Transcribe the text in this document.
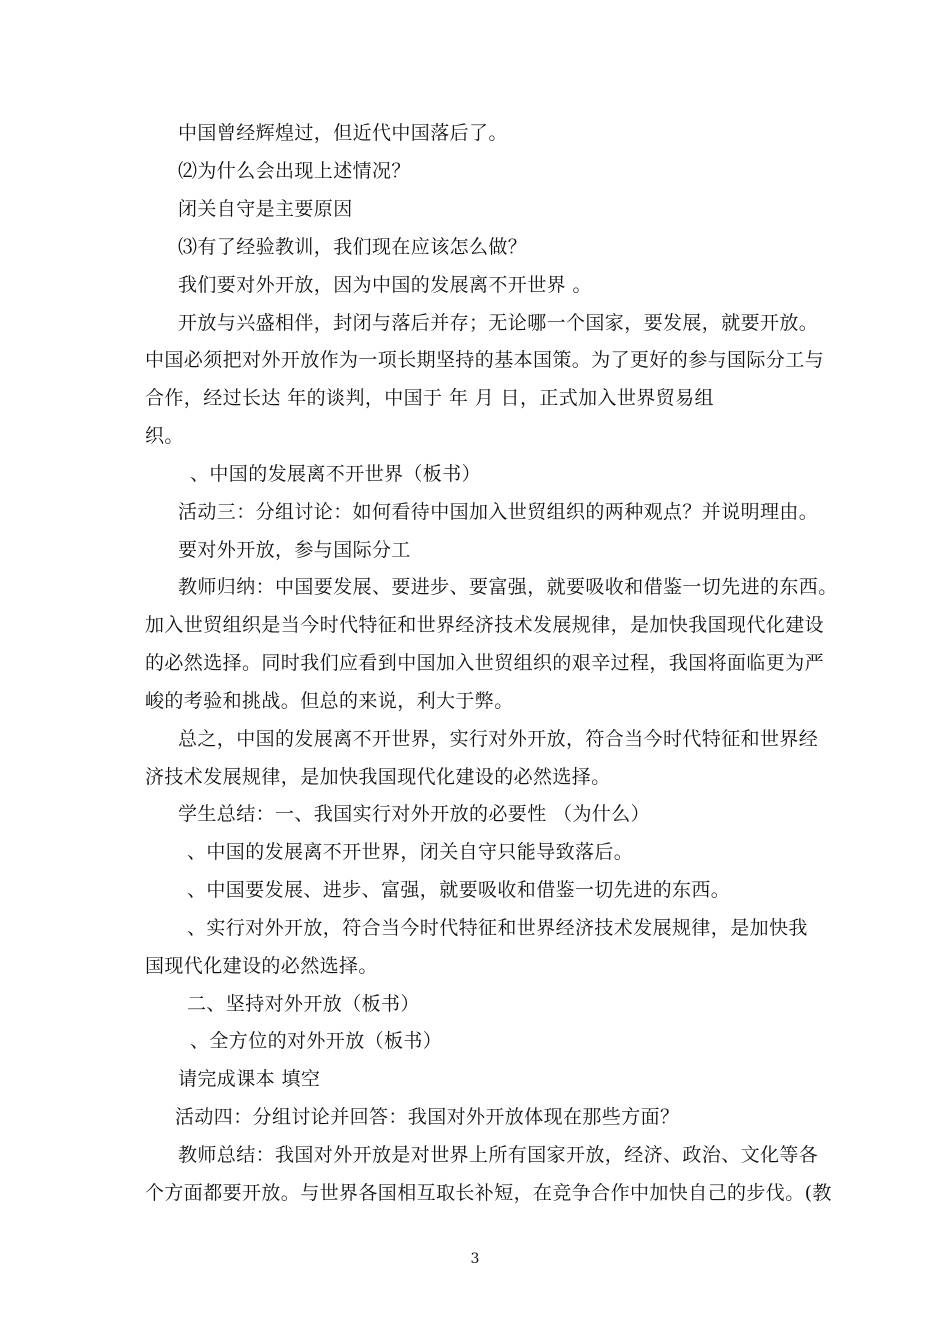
中国曾经辉煌过，但近代中国落后了。
⑵为什么会出现上述情况？
闭关自守是主要原因
⑶有了经验教训，我们现在应该怎么做？
我们要对外开放，因为中国的发展离不开世界 。
开放与兴盛相伴，封闭与落后并存；无论哪一个国家，要发展，就要开放。
中国必须把对外开放作为一项长期坚持的基本国策。为了更好的参与国际分工与
合作，经过长达 年的谈判，中国于 年 月 日，正式加入世界贸易组
织。
、中国的发展离不开世界（板书）
活动三：分组讨论：如何看待中国加入世贸组织的两种观点？并说明理由。
要对外开放，参与国际分工
教师归纳：中国要发展、要进步、要富强，就要吸收和借鉴一切先进的东西。
加入世贸组织是当今时代特征和世界经济技术发展规律，是加快我国现代化建设
的必然选择。同时我们应看到中国加入世贸组织的艰辛过程，我国将面临更为严
峻的考验和挑战。但总的来说，利大于弊。
总之，中国的发展离不开世界，实行对外开放，符合当今时代特征和世界经
济技术发展规律，是加快我国现代化建设的必然选择。
学生总结：一、我国实行对外开放的必要性 （为什么）
、中国的发展离不开世界，闭关自守只能导致落后。
、中国要发展、进步、富强，就要吸收和借鉴一切先进的东西。
、实行对外开放，符合当今时代特征和世界经济技术发展规律，是加快我
国现代化建设的必然选择。
二、坚持对外开放（板书）
、全方位的对外开放（板书）
请完成课本 填空
活动四：分组讨论并回答：我国对外开放体现在那些方面？
教师总结：我国对外开放是对世界上所有国家开放，经济、政治、文化等各
个方面都要开放。与世界各国相互取长补短，在竞争合作中加快自己的步伐。(教
3
